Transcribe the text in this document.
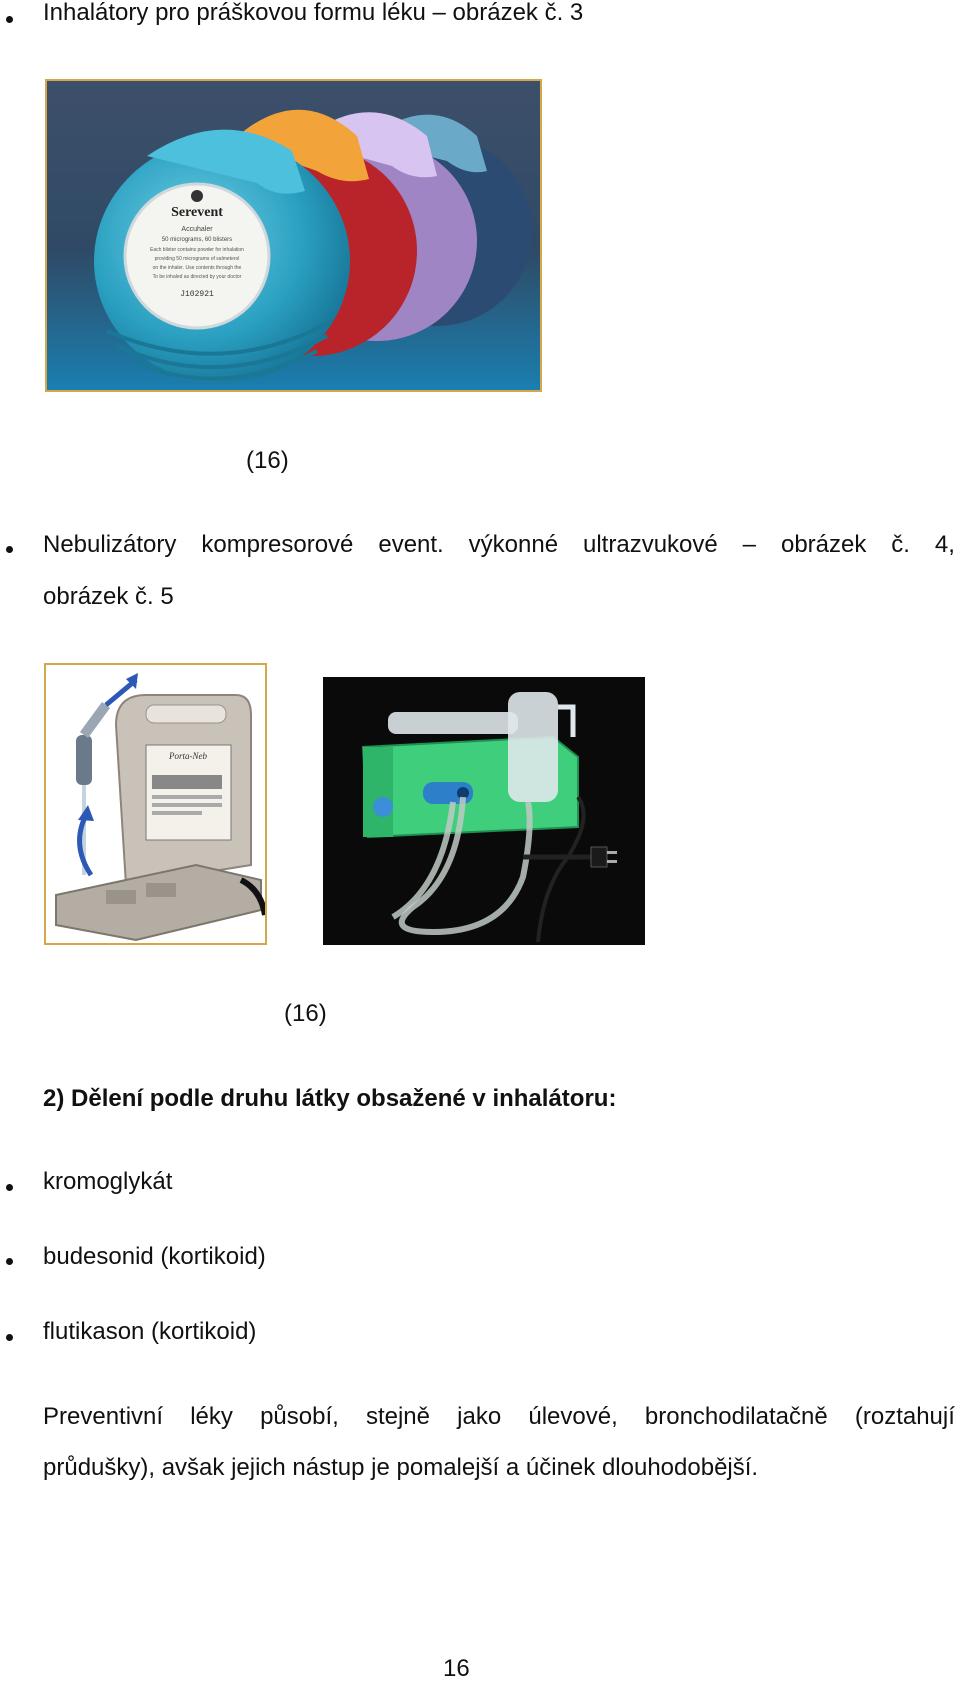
Inhalátory pro práškovou formu léku – obrázek č. 3
Serevent
Accuhaler
50 micrograms, 60 blisters
Each blister contains powder for inhalation
providing 50 micrograms of salmeterol
on the inhaler. Use contents through the
To be inhaled as directed by your doctor
J102921
(16)
Nebulizátory kompresorové event. výkonné ultrazvukové – obrázek č. 4,
obrázek č. 5
Porta-Neb
(16)
2) Dělení podle druhu látky obsažené v inhalátoru:
kromoglykát
budesonid (kortikoid)
flutikason (kortikoid)
Preventivní léky působí, stejně jako úlevové, bronchodilatačně (roztahují
průdušky), avšak jejich nástup je pomalejší a účinek dlouhodobější.
16
